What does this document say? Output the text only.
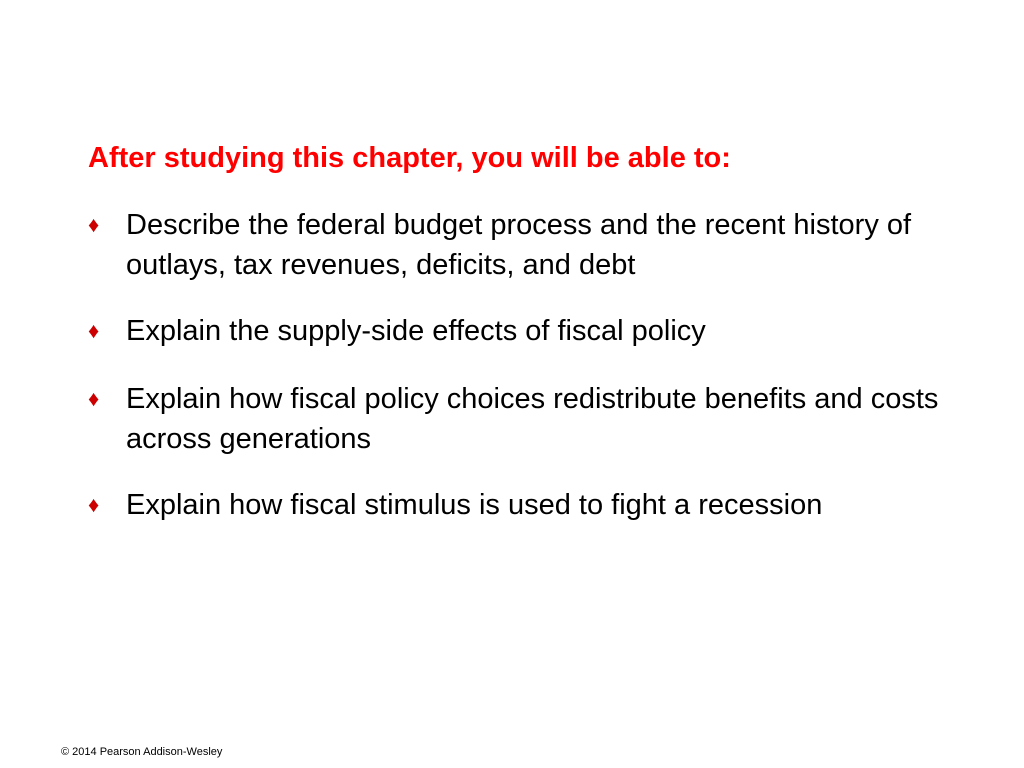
After studying this chapter, you will be able to:
♦ Describe the federal budget process and the recent history of outlays, tax revenues, deficits, and debt
♦ Explain the supply-side effects of fiscal policy
♦ Explain how fiscal policy choices redistribute benefits and costs across generations
♦ Explain how fiscal stimulus is used to fight a recession

© 2014 Pearson Addison-Wesley
